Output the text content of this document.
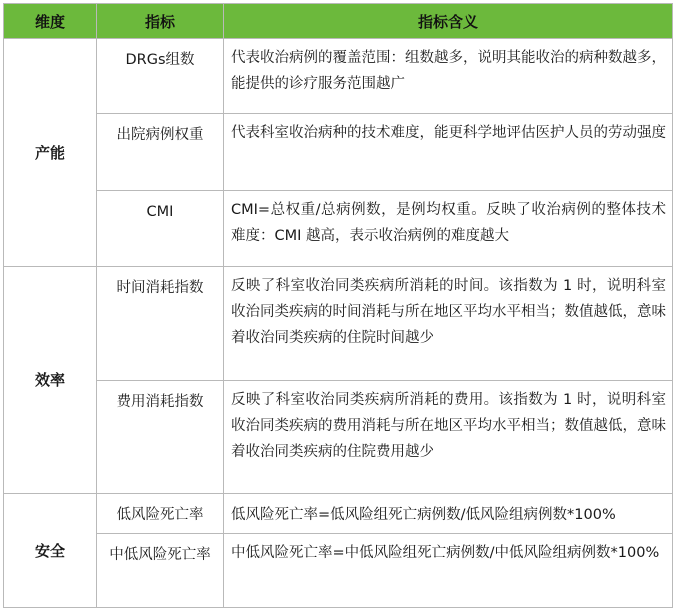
维度	指标	指标含义
产能	DRGs组数	代表收治病例的覆盖范围：组数越多，说明其能收治的病种数越多，能提供的诊疗服务范围越广
	出院病例权重	代表科室收治病种的技术难度，能更科学地评估医护人员的劳动强度
	CMI	CMI=总权重/总病例数，是例均权重。反映了收治病例的整体技术难度：CMI 越高，表示收治病例的难度越大
效率	时间消耗指数	反映了科室收治同类疾病所消耗的时间。该指数为 1 时，说明科室收治同类疾病的时间消耗与所在地区平均水平相当；数值越低，意味着收治同类疾病的住院时间越少
	费用消耗指数	反映了科室收治同类疾病所消耗的费用。该指数为 1 时，说明科室收治同类疾病的费用消耗与所在地区平均水平相当；数值越低，意味着收治同类疾病的住院费用越少
安全	低风险死亡率	低风险死亡率=低风险组死亡病例数/低风险组病例数*100%
	中低风险死亡率	中低风险死亡率=中低风险组死亡病例数/中低风险组病例数*100%
